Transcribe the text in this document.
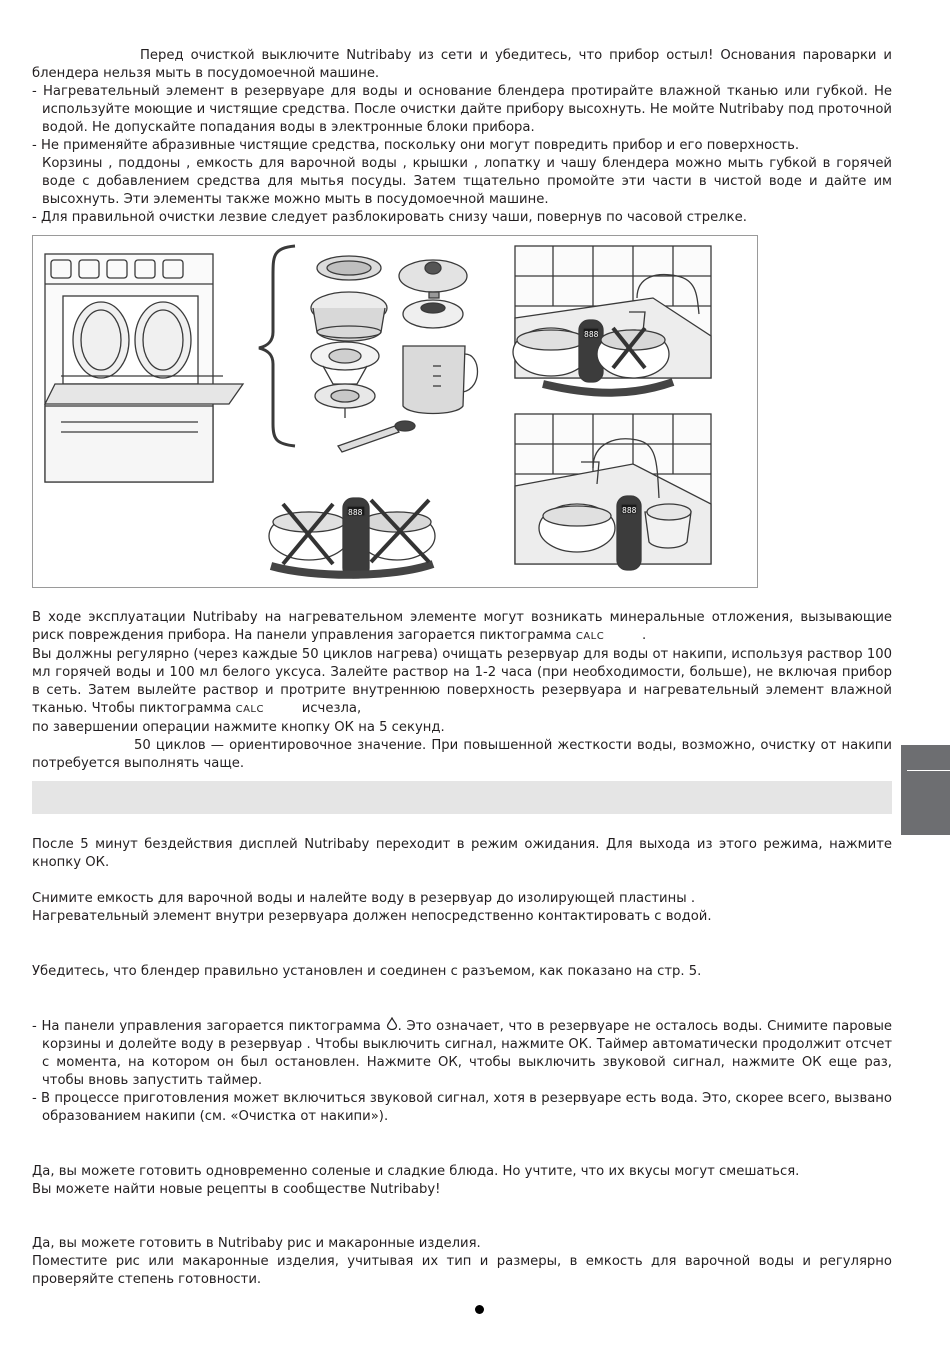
Перед очисткой выключите Nutribaby из сети и убедитесь, что прибор остыл! Основания пароварки и блендера нельзя мыть в посудомоечной машине.

- Нагревательный элемент в резервуаре для воды и основание блендера протирайте влажной тканью или губкой. Не используйте моющие и чистящие средства. После очистки дайте прибору высохнуть. Не мойте Nutribaby под проточной водой. Не допускайте попадания воды в электронные блоки прибора.

- Не применяйте абразивные чистящие средства, поскольку они могут повредить прибор и его поверхность.

Корзины , поддоны , емкость для варочной воды , крышки , лопатку и чашу блендера можно мыть губкой в горячей воде с добавлением средства для мытья посуды. Затем тщательно промойте эти части в чистой воде и дайте им высохнуть. Эти элементы также можно мыть в посудомоечной машине.

- Для правильной очистки лезвие следует разблокировать снизу чаши, повернув по часовой стрелке.

888
888
888

В ходе эксплуатации Nutribaby на нагревательном элементе могут возникать минеральные отложения, вызывающие риск повреждения прибора. На панели управления загорается пиктограмма CALC	.

Вы должны регулярно (через каждые 50 циклов нагрева) очищать резервуар для воды от накипи, используя раствор 100 мл горячей воды и 100 мл белого уксуса. Залейте раствор на 1-2 часа (при необходимости, больше), не включая прибор в сеть. Затем вылейте раствор и протрите внутреннюю поверхность резервуара и нагревательный элемент влажной тканью. Чтобы пиктограмма CALC	исчезла,

по завершении операции нажмите кнопку ОК на 5 секунд.

50 циклов — ориентировочное значение. При повышенной жесткости воды, возможно, очистку от накипи потребуется выполнять чаще.

После 5 минут бездействия дисплей Nutribaby переходит в режим ожидания. Для выхода из этого режима, нажмите кнопку ОК.

Снимите емкость для варочной воды и налейте воду в резервуар до изолирующей пластины .

Нагревательный элемент внутри резервуара должен непосредственно контактировать с водой.

Убедитесь, что блендер правильно установлен и соединен с разъемом, как показано на стр. 5.

- На панели управления загорается пиктограмма . Это означает, что в резервуаре не осталось воды. Снимите паровые корзины и долейте воду в резервуар . Чтобы выключить сигнал, нажмите ОК. Таймер автоматически продолжит отсчет с момента, на котором он был остановлен. Нажмите ОК, чтобы выключить звуковой сигнал, нажмите ОК еще раз, чтобы вновь запустить таймер.

- В процессе приготовления может включиться звуковой сигнал, хотя в резервуаре есть вода. Это, скорее всего, вызвано образованием накипи (см. «Очистка от накипи»).

Да, вы можете готовить одновременно соленые и сладкие блюда. Но учтите, что их вкусы могут смешаться.

Вы можете найти новые рецепты в сообществе Nutribaby!

Да, вы можете готовить в Nutribaby рис и макаронные изделия.

Поместите рис или макаронные изделия, учитывая их тип и размеры, в емкость для варочной воды и регулярно проверяйте степень готовности.
